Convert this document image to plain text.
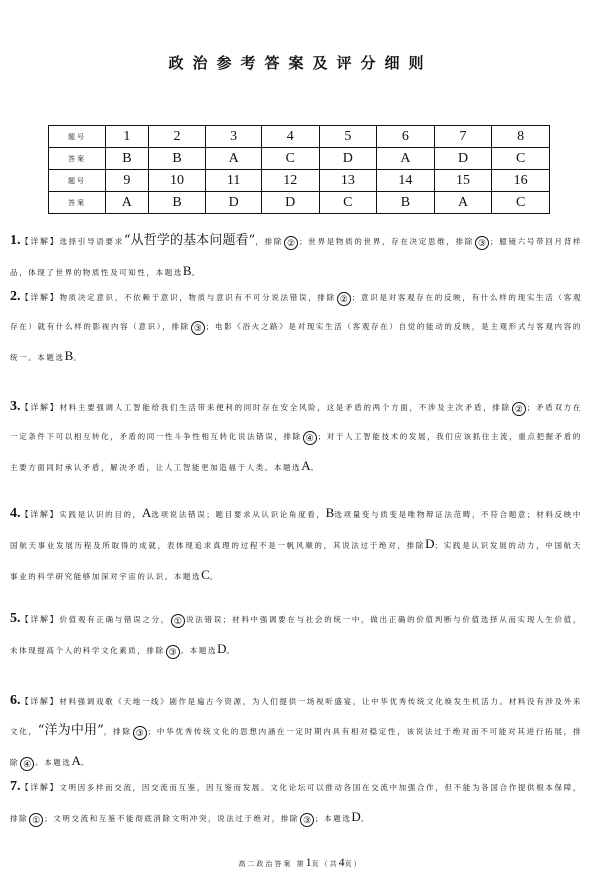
政治参考答案及评分细则
题号	1	2	3	4	5	6	7	8
答案	B	B	A	C	D	A	D	C
题号	9	10	11	12	13	14	15	16
答案	A	B	D	D	C	B	A	C
1.【详解】选择引导语要求“从哲学的基本问题看”，排除 ② ；世界是物质的世界，存在决定思维，排除 ③ ；臆镜六号带回月背样品，体现了世界的物质性及可知性，本题选B。
2.【详解】物质决定意识，不依赖于意识，物质与意识有不可分说法错误，排除 ② ；意识是对客观存在的反映，有什么样的现实生活（客观存在）就有什么样的影视内容（意识），排除 ③ ；电影《浴火之路》是对现实生活（客观存在）自觉的能动的反映，是主观形式与客观内容的统一。本题选B。
3.【详解】材料主要强调人工智能给我们生活带来便利的同时存在安全风险，这是矛盾的两个方面，不涉及主次矛盾，排除 ② ；矛盾双方在一定条件下可以相互转化，矛盾的同一性斗争性相互转化说法错误，排除 ④ ；对于人工智能技术的发展，我们应该抓住主流，重点把握矛盾的主要方面同时承认矛盾，解决矛盾，让人工智能更加造福于人类。本题选A。
4.【详解】实践是认识的目的，A选项说法错误；题目要求从认识论角度看，B选项量变与质变是唯物辩证法范畴，不符合题意；材料反映中国航天事业发展历程及所取得的成就，表体现追求真理的过程不是一帆风顺的，其说法过于绝对，排除D；实践是认识发展的动力，中国航天事业的科学研究能够加深对宇宙的认识。本题选C。
5.【详解】价值观有正确与错误之分， ① 说法错误；材料中强调要在与社会的统一中，做出正确的价值判断与价值选择从而实现人生价值，未体现提高个人的科学文化素质，排除 ③ 。本题选D。
6.【详解】材料强调戏歌《天地一线》剧作是遍古今资源，为人们提供一场视听盛宴，让中华优秀传统文化焕发生机活力。材料没有涉及外来文化，“洋为中用”，排除 ③ ；中华优秀传统文化的思想内涵在一定时期内具有相对稳定性，该说法过于绝对而不可能对其进行拓展，排除 ④ 。本题选A。
7.【详解】文明因多样而交流，因交流而互鉴，因互鉴而发展。文化论坛可以推动各国在交流中加强合作，但不能为各国合作提供根本保障，排除 ① ；文明交流和互鉴不能彻底消除文明冲突，说法过于绝对，排除 ③ ；本题选D。
高二政治答案 第1页（共4页）
